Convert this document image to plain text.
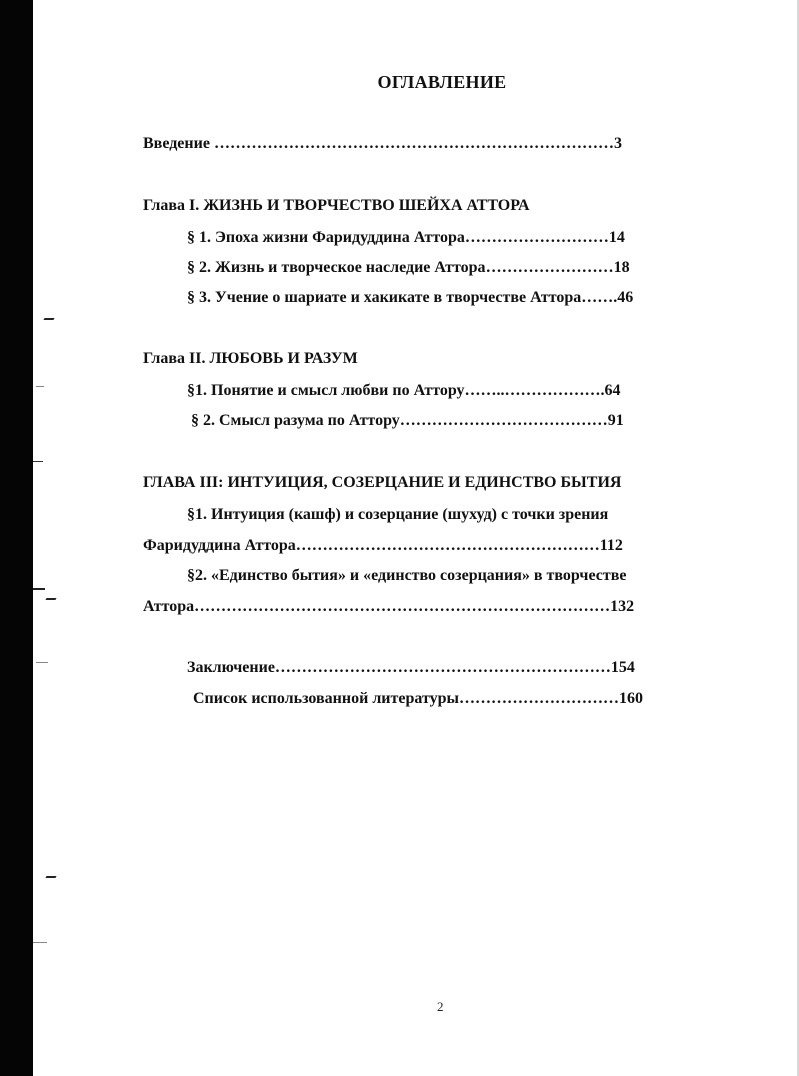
ОГЛАВЛЕНИЕ
Введение …………………………………………………………………3
Глава I. ЖИЗНЬ И ТВОРЧЕСТВО ШЕЙХА АТТОРА
§ 1. Эпоха жизни Фаридуддина Аттора………………………14
§ 2. Жизнь и творческое наследие Аттора……………………18
§ 3. Учение о шариате и хакикате в творчестве Аттора…….46
Глава II. ЛЮБОВЬ И РАЗУМ
§1. Понятие и смысл любви по Аттору……..……………….64
§ 2. Смысл разума по Аттору…………………………………91
ГЛАВА III: ИНТУИЦИЯ, СОЗЕРЦАНИЕ И ЕДИНСТВО БЫТИЯ
§1. Интуиция (кашф) и созерцание (шухуд) с точки зрения
Фаридуддина Аттора…………………………………………………112
§2. «Единство бытия» и «единство созерцания» в творчестве
Аттора……………………………………………………………………132
Заключение………………………………………………………154
Список использованной литературы…………………………160
2
